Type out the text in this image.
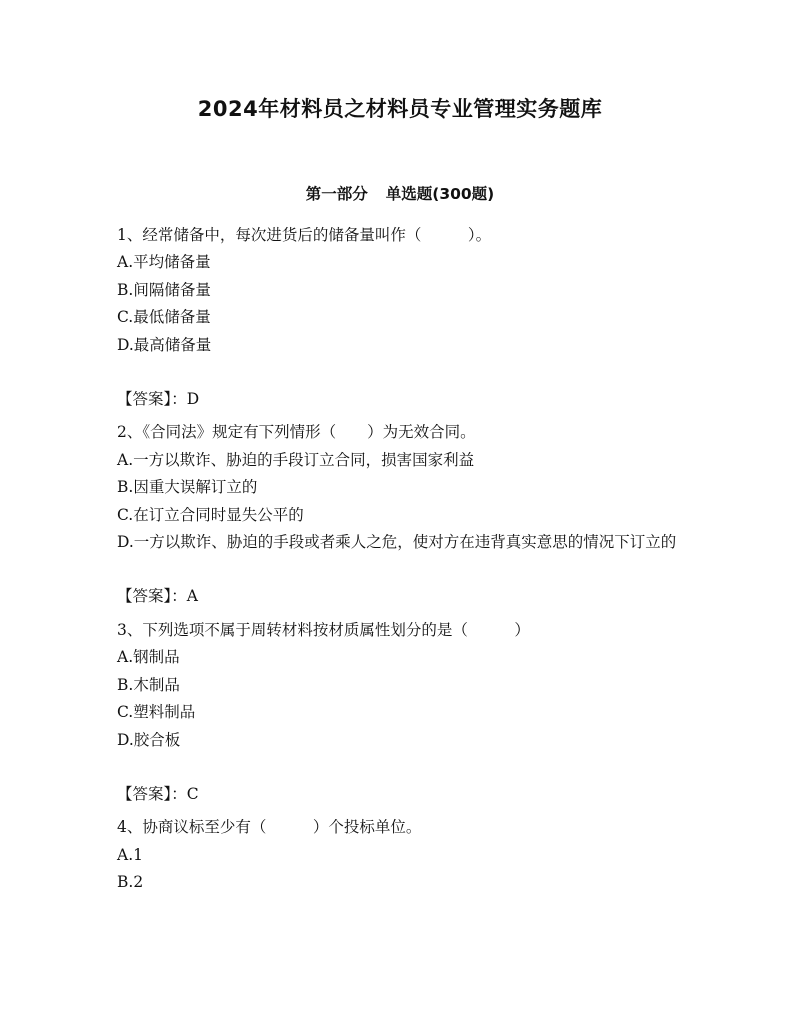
2024年材料员之材料员专业管理实务题库
第一部分 单选题(300题)
1、经常储备中，每次进货后的储备量叫作（　　　）。
A.平均储备量
B.间隔储备量
C.最低储备量
D.最高储备量
【答案】：D
2、《合同法》规定有下列情形（　　）为无效合同。
A.一方以欺诈、胁迫的手段订立合同，损害国家利益
B.因重大误解订立的
C.在订立合同时显失公平的
D.一方以欺诈、胁迫的手段或者乘人之危，使对方在违背真实意思的情况下订立的
【答案】：A
3、下列选项不属于周转材料按材质属性划分的是（　　　）
A.钢制品
B.木制品
C.塑料制品
D.胶合板
【答案】：C
4、协商议标至少有（　　　）个投标单位。
A.1
B.2
